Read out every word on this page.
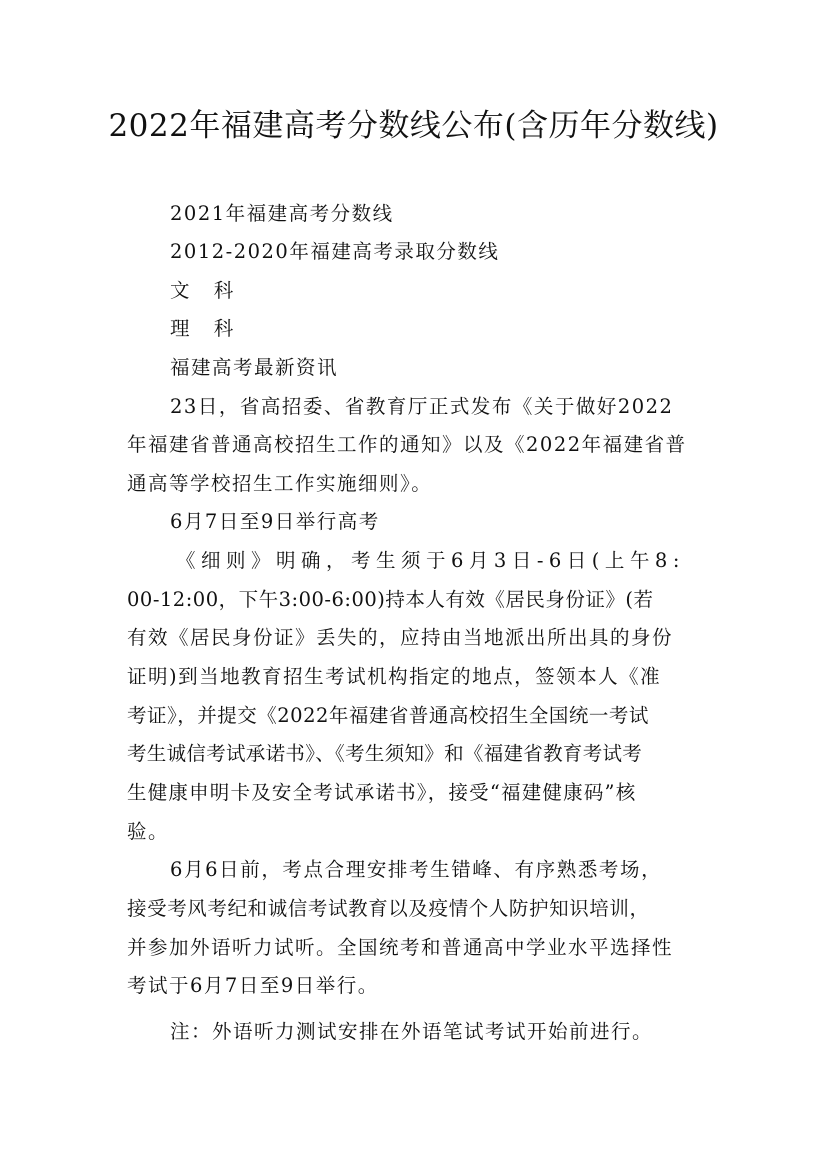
2022年福建高考分数线公布(含历年分数线)
2021年福建高考分数线
2012-2020年福建高考录取分数线
文 科
理 科
福建高考最新资讯
23日，省高招委、省教育厅正式发布《关于做好2022
年福建省普通高校招生工作的通知》以及《2022年福建省普
通高等学校招生工作实施细则》。
6月7日至9日举行高考
《细则》明确，考生须于6月3日-6日(上午8:
00-12:00，下午3:00-6:00)持本人有效《居民身份证》(若
有效《居民身份证》丢失的，应持由当地派出所出具的身份
证明)到当地教育招生考试机构指定的地点，签领本人《准
考证》，并提交《2022年福建省普通高校招生全国统一考试
考生诚信考试承诺书》、《考生须知》和《福建省教育考试考
生健康申明卡及安全考试承诺书》，接受“福建健康码”核
验。
6月6日前，考点合理安排考生错峰、有序熟悉考场，
接受考风考纪和诚信考试教育以及疫情个人防护知识培训，
并参加外语听力试听。全国统考和普通高中学业水平选择性
考试于6月7日至9日举行。
注：外语听力测试安排在外语笔试考试开始前进行。
